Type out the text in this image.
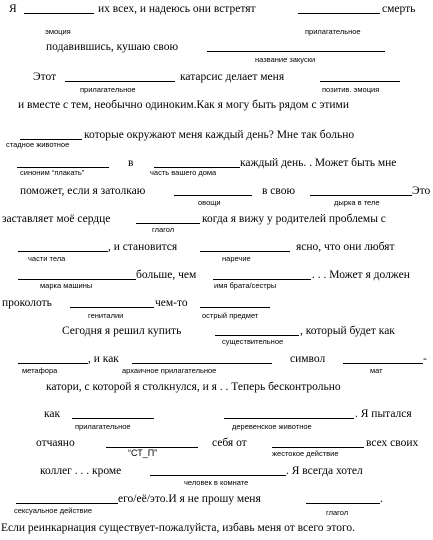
Я	их всех, и надеюсь они встретят	смерть
эмоция	прилагательное
подавившись, кушаю свою
название закуски
Этот	катарсис делает меня
прилагательное	позитив. эмоция
и вместе с тем, необычно одиноким.Как я могу быть рядом с этими
которые окружают меня каждый день? Мне так больно
стадное животное
в	каждый день. . Может быть мне
синоним “плакать”	часть вашего дома
поможет, если я затолкаю	в свою	Это
овощи	дырка в теле
заставляет моё сердце	когда я вижу у родителей проблемы с
глагол
, и становится	ясно, что они любят
части тела	наречие
больше, чем	. . . Может я должен
марка машины	имя брата/сестры
проколоть	чем-то
гениталии	острый предмет
Сегодня я решил купить	, который будет как
существительное
, и как	символ	-
метафора	архаичное прилагательное	мат
катори, с которой я столкнулся, и я . . Теперь бесконтрольно
как	. Я пытался
прилагательное	деревенское животное
отчаяно	себя от	всех своих
“СТ_П”	жестокое действие
коллег . . . кроме	. Я всегда хотел
человек в комнате
его/её/это.И я не прошу меня	.
сексуальное действие	глагол
Если реинкарнация существует-пожалуйста, избавь меня от всего этого.
